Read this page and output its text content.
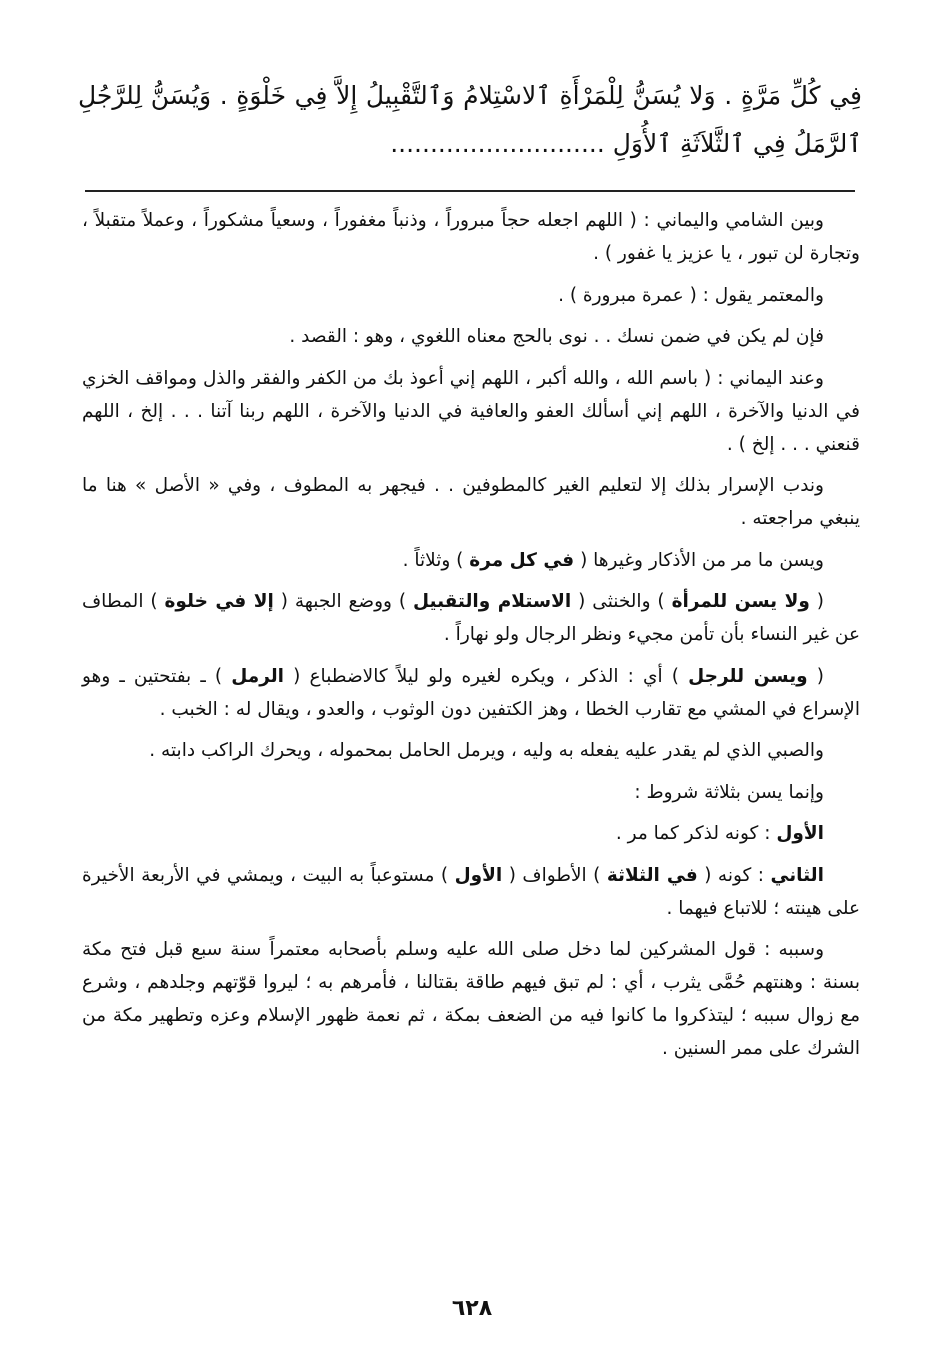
فِي كُلِّ مَرَّةٍ . وَلا يُسَنُّ لِلْمَرْأَةِ ٱلاسْتِلامُ وَٱلتَّقْبِيلُ إِلاَّ فِي خَلْوَةٍ . وَيُسَنُّ لِلرَّجُلِ ٱلرَّمَلُ فِي ٱلثَّلاَثَةِ ٱلأُوَلِ ...........................

وبين الشامي واليماني : ( اللهم اجعله حجاً مبروراً ، وذنباً مغفوراً ، وسعياً مشكوراً ، وعملاً متقبلاً ، وتجارة لن تبور ، يا عزيز يا غفور ) .

والمعتمر يقول : ( عمرة مبرورة ) .

فإن لم يكن في ضمن نسك . . نوى بالحج معناه اللغوي ، وهو : القصد .

وعند اليماني : ( باسم الله ، والله أكبر ، اللهم إني أعوذ بك من الكفر والفقر والذل ومواقف الخزي في الدنيا والآخرة ، اللهم إني أسألك العفو والعافية في الدنيا والآخرة ، اللهم ربنا آتنا . . . إلخ ، اللهم قنعني . . . إلخ ) .

وندب الإسرار بذلك إلا لتعليم الغير كالمطوفين . . فيجهر به المطوف ، وفي « الأصل » هنا ما ينبغي مراجعته .

ويسن ما مر من الأذكار وغيرها ( في كل مرة ) وثلاثاً .

( ولا يسن للمرأة ) والخنثى ( الاستلام والتقبيل ) ووضع الجبهة ( إلا في خلوة ) المطاف عن غير النساء بأن تأمن مجيء ونظر الرجال ولو نهاراً .

( ويسن للرجل ) أي : الذكر ، ويكره لغيره ولو ليلاً كالاضطباع ( الرمل ) ـ بفتحتين ـ وهو الإسراع في المشي مع تقارب الخطا ، وهز الكتفين دون الوثوب ، والعدو ، ويقال له : الخبب .

والصبي الذي لم يقدر عليه يفعله به وليه ، ويرمل الحامل بمحموله ، ويحرك الراكب دابته .

وإنما يسن بثلاثة شروط :

الأول : كونه لذكر كما مر .

الثاني : كونه ( في الثلاثة ) الأطواف ( الأول ) مستوعباً به البيت ، ويمشي في الأربعة الأخيرة على هينته ؛ للاتباع فيهما .

وسببه : قول المشركين لما دخل صلى الله عليه وسلم بأصحابه معتمراً سنة سبع قبل فتح مكة بسنة : وهنتهم حُمَّى يثرب ، أي : لم تبق فيهم طاقة بقتالنا ، فأمرهم به ؛ ليروا قوّتهم وجلدهم ، وشرع مع زوال سببه ؛ ليتذكروا ما كانوا فيه من الضعف بمكة ، ثم نعمة ظهور الإسلام وعزه وتطهير مكة من الشرك على ممر السنين .

٦٢٨
